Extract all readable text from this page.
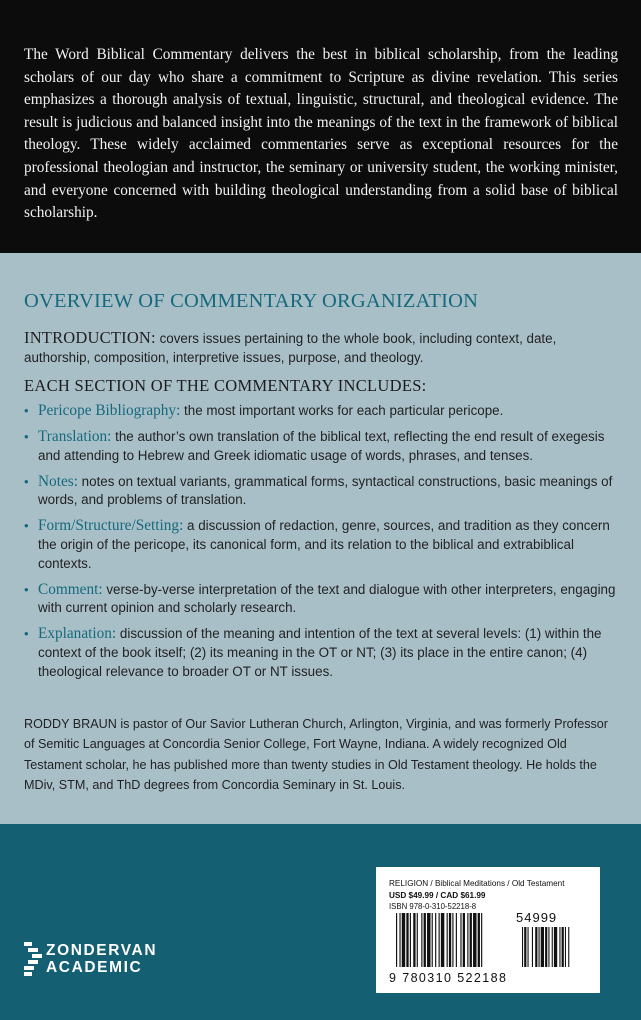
The Word Biblical Commentary delivers the best in biblical scholarship, from the leading scholars of our day who share a commitment to Scripture as divine revelation. This series emphasizes a thorough analysis of textual, linguistic, structural, and theological evidence. The result is judicious and balanced insight into the meanings of the text in the framework of biblical theology. These widely acclaimed commentaries serve as exceptional resources for the professional theologian and instructor, the seminary or university student, the working minister, and everyone concerned with building theological understanding from a solid base of biblical scholarship.

OVERVIEW OF COMMENTARY ORGANIZATION

INTRODUCTION: covers issues pertaining to the whole book, including context, date, authorship, composition, interpretive issues, purpose, and theology.

EACH SECTION OF THE COMMENTARY INCLUDES:
• Pericope Bibliography: the most important works for each particular pericope.
• Translation: the author’s own translation of the biblical text, reflecting the end result of exegesis and attending to Hebrew and Greek idiomatic usage of words, phrases, and tenses.
• Notes: notes on textual variants, grammatical forms, syntactical constructions, basic meanings of words, and problems of translation.
• Form/Structure/Setting: a discussion of redaction, genre, sources, and tradition as they concern the origin of the pericope, its canonical form, and its relation to the biblical and extrabiblical contexts.
• Comment: verse-by-verse interpretation of the text and dialogue with other interpreters, engaging with current opinion and scholarly research.
• Explanation: discussion of the meaning and intention of the text at several levels: (1) within the context of the book itself; (2) its meaning in the OT or NT; (3) its place in the entire canon; (4) theological relevance to broader OT or NT issues.

RODDY BRAUN is pastor of Our Savior Lutheran Church, Arlington, Virginia, and was formerly Professor of Semitic Languages at Concordia Senior College, Fort Wayne, Indiana. A widely recognized Old Testament scholar, he has published more than twenty studies in Old Testament theology. He holds the MDiv, STM, and ThD degrees from Concordia Seminary in St. Louis.

ZONDERVAN
ACADEMIC
RELIGION / Biblical Meditations / Old Testament
USD $49.99 / CAD $61.99
ISBN 978-0-310-52218-8
54999
9 780310 522188
